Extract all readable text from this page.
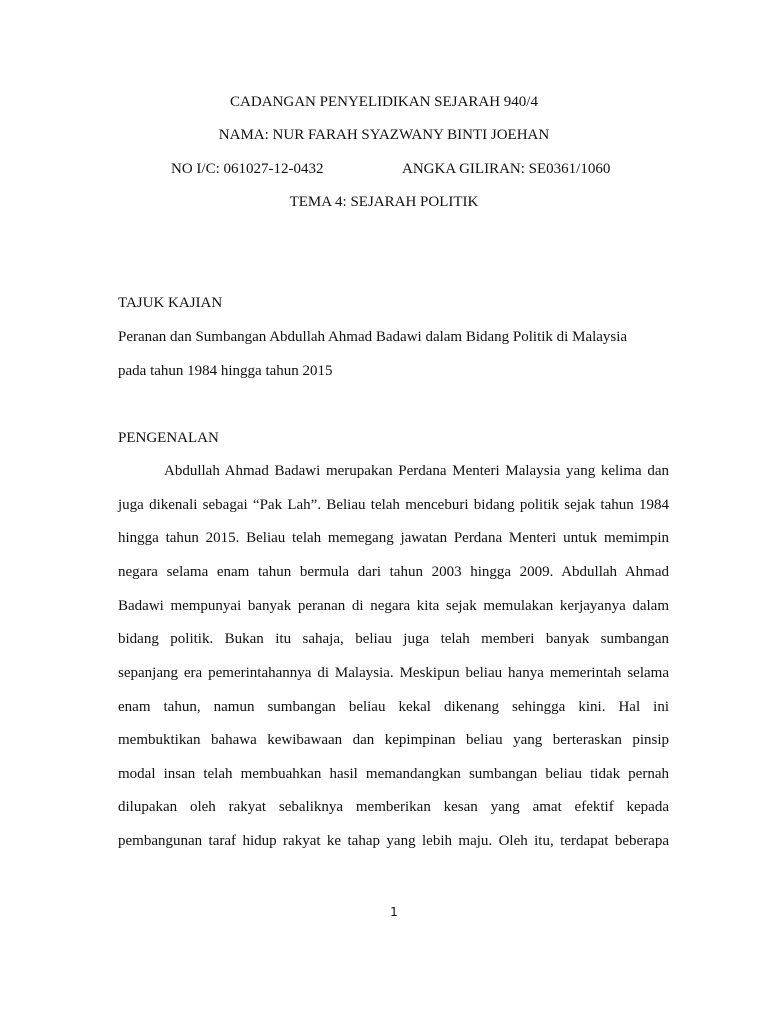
CADANGAN PENYELIDIKAN SEJARAH 940/4
NAMA: NUR FARAH SYAZWANY BINTI JOEHAN
NO I/C: 061027-12-0432	ANGKA GILIRAN: SE0361/1060
TEMA 4: SEJARAH POLITIK
TAJUK KAJIAN
Peranan dan Sumbangan Abdullah Ahmad Badawi dalam Bidang Politik di Malaysia
pada tahun 1984 hingga tahun 2015
PENGENALAN
Abdullah Ahmad Badawi merupakan Perdana Menteri Malaysia yang kelima dan
juga dikenali sebagai “Pak Lah”. Beliau telah menceburi bidang politik sejak tahun 1984
hingga tahun 2015. Beliau telah memegang jawatan Perdana Menteri untuk memimpin
negara selama enam tahun bermula dari tahun 2003 hingga 2009. Abdullah Ahmad
Badawi mempunyai banyak peranan di negara kita sejak memulakan kerjayanya dalam
bidang politik. Bukan itu sahaja, beliau juga telah memberi banyak sumbangan
sepanjang era pemerintahannya di Malaysia. Meskipun beliau hanya memerintah selama
enam tahun, namun sumbangan beliau kekal dikenang sehingga kini. Hal ini
membuktikan bahawa kewibawaan dan kepimpinan beliau yang berteraskan pinsip
modal insan telah membuahkan hasil memandangkan sumbangan beliau tidak pernah
dilupakan oleh rakyat sebaliknya memberikan kesan yang amat efektif kepada
pembangunan taraf hidup rakyat ke tahap yang lebih maju. Oleh itu, terdapat beberapa
1
